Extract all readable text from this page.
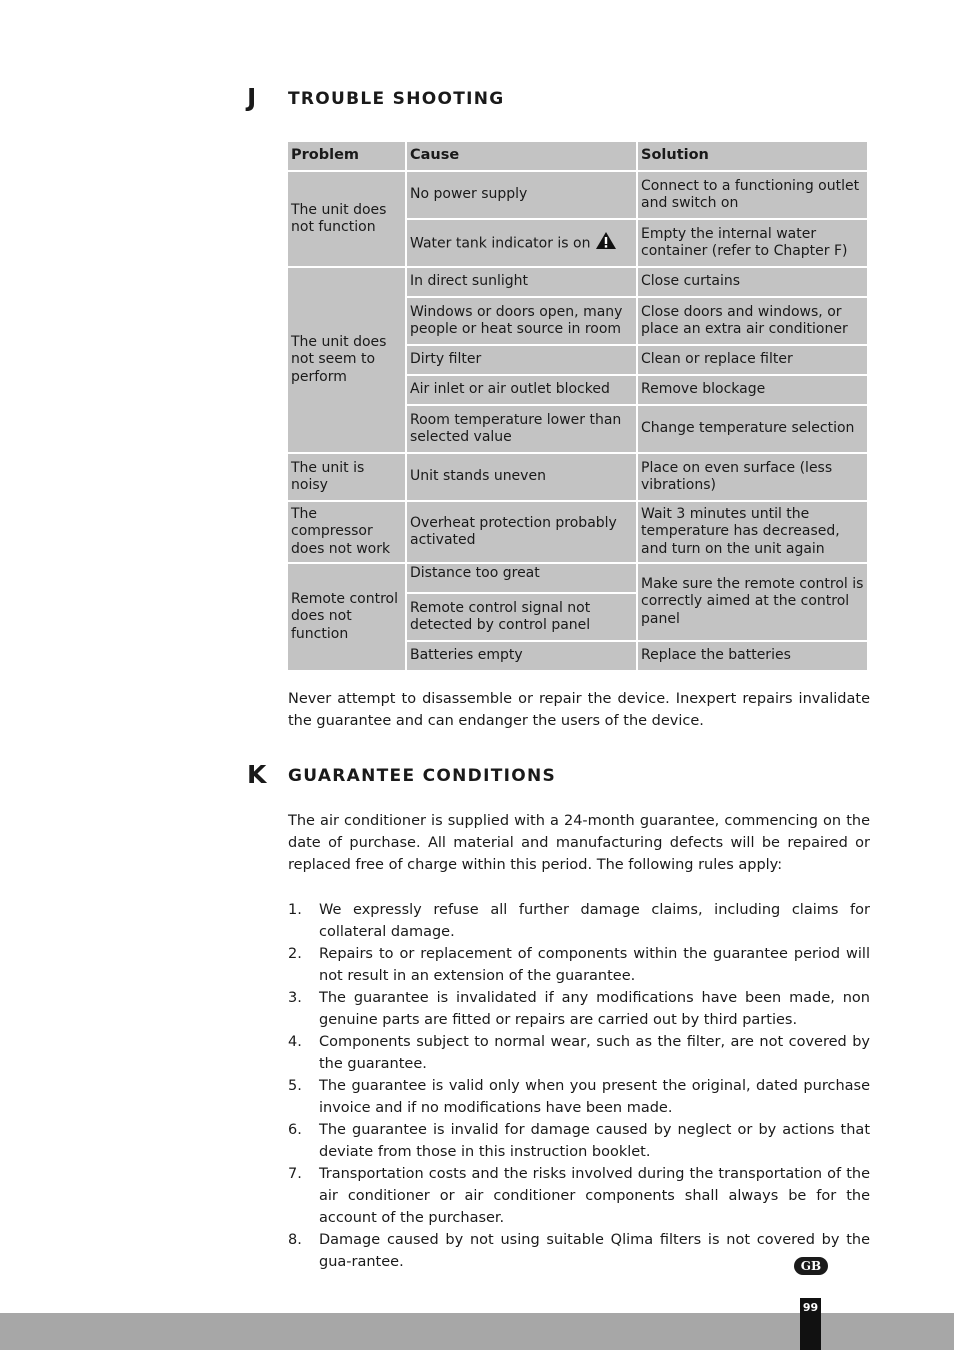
J TROUBLE SHOOTING
Problem	Cause	Solution
The unit does not function	No power supply	Connect to a functioning outlet and switch on
	Water tank indicator is on	Empty the internal water container (refer to Chapter F)
The unit does not seem to perform	In direct sunlight	Close curtains
	Windows or doors open, many people or heat source in room	Close doors and windows, or place an extra air conditioner
	Dirty filter	Clean or replace filter
	Air inlet or air outlet blocked	Remove blockage
	Room temperature lower than selected value	Change temperature selection
The unit is noisy	Unit stands uneven	Place on even surface (less vibrations)
The compressor does not work	Overheat protection probably activated	Wait 3 minutes until the temperature has decreased, and turn on the unit again
Remote control does not function	Distance too great	Make sure the remote control is correctly aimed at the control panel
	Remote control signal not detected by control panel	
	Batteries empty	Replace the batteries

Never attempt to disassemble or repair the device. Inexpert repairs invalidate the guarantee and can endanger the users of the device.

K GUARANTEE CONDITIONS

The air conditioner is supplied with a 24-month guarantee, commencing on the date of purchase. All material and manufacturing defects will be repaired or replaced free of charge within this period. The following rules apply:

1.	We expressly refuse all further damage claims, including claims for collateral damage.
2.	Repairs to or replacement of components within the guarantee period will not result in an extension of the guarantee.
3.	The guarantee is invalidated if any modifications have been made, non genuine parts are fitted or repairs are carried out by third parties.
4.	Components subject to normal wear, such as the filter, are not covered by the guarantee.
5.	The guarantee is valid only when you present the original, dated purchase invoice and if no modifications have been made.
6.	The guarantee is invalid for damage caused by neglect or by actions that deviate from those in this instruction booklet.
7.	Transportation costs and the risks involved during the transportation of the air conditioner or air conditioner components shall always be for the account of the purchaser.
8.	Damage caused by not using suitable Qlima filters is not covered by the gua-rantee.	GB
99
